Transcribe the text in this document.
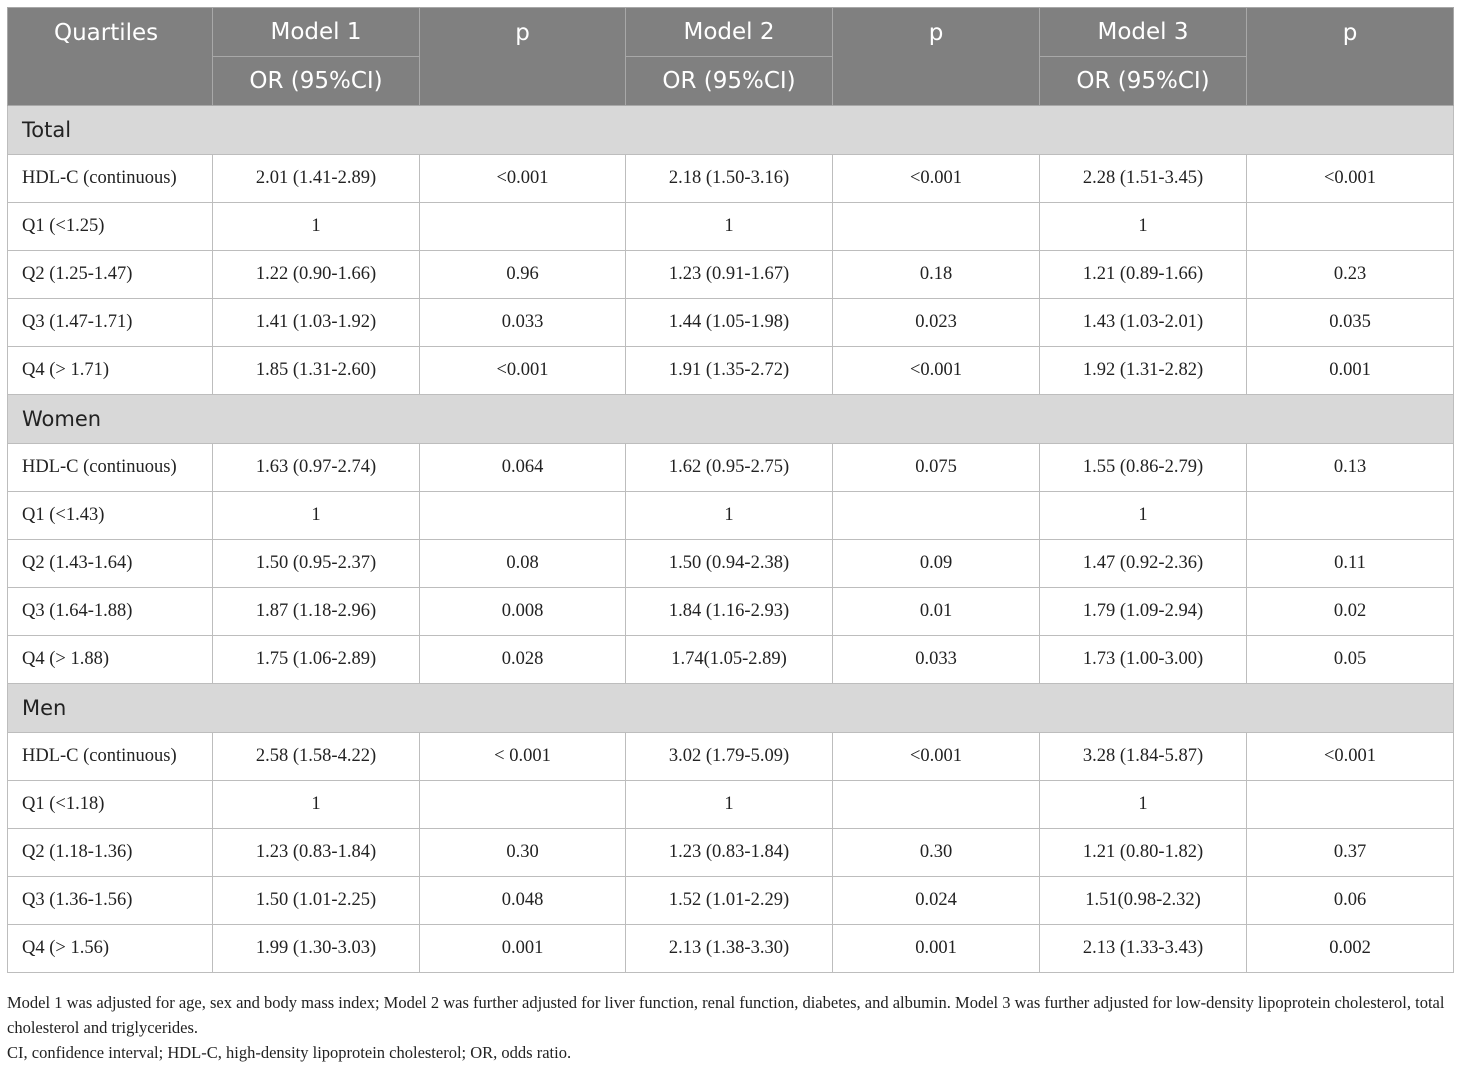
Quartiles	Model 1	p	Model 2	p	Model 3	p
	OR (95%CI)		OR (95%CI)		OR (95%CI)	
Total						
HDL-C (continuous)	2.01 (1.41-2.89)	<0.001	2.18 (1.50-3.16)	<0.001	2.28 (1.51-3.45)	<0.001
Q1 (<1.25)	1		1		1	
Q2 (1.25-1.47)	1.22 (0.90-1.66)	0.96	1.23 (0.91-1.67)	0.18	1.21 (0.89-1.66)	0.23
Q3 (1.47-1.71)	1.41 (1.03-1.92)	0.033	1.44 (1.05-1.98)	0.023	1.43 (1.03-2.01)	0.035
Q4 (> 1.71)	1.85 (1.31-2.60)	<0.001	1.91 (1.35-2.72)	<0.001	1.92 (1.31-2.82)	0.001
Women						
HDL-C (continuous)	1.63 (0.97-2.74)	0.064	1.62 (0.95-2.75)	0.075	1.55 (0.86-2.79)	0.13
Q1 (<1.43)	1		1		1	
Q2 (1.43-1.64)	1.50 (0.95-2.37)	0.08	1.50 (0.94-2.38)	0.09	1.47 (0.92-2.36)	0.11
Q3 (1.64-1.88)	1.87 (1.18-2.96)	0.008	1.84 (1.16-2.93)	0.01	1.79 (1.09-2.94)	0.02
Q4 (> 1.88)	1.75 (1.06-2.89)	0.028	1.74(1.05-2.89)	0.033	1.73 (1.00-3.00)	0.05
Men						
HDL-C (continuous)	2.58 (1.58-4.22)	< 0.001	3.02 (1.79-5.09)	<0.001	3.28 (1.84-5.87)	<0.001
Q1 (<1.18)	1		1		1	
Q2 (1.18-1.36)	1.23 (0.83-1.84)	0.30	1.23 (0.83-1.84)	0.30	1.21 (0.80-1.82)	0.37
Q3 (1.36-1.56)	1.50 (1.01-2.25)	0.048	1.52 (1.01-2.29)	0.024	1.51(0.98-2.32)	0.06
Q4 (> 1.56)	1.99 (1.30-3.03)	0.001	2.13 (1.38-3.30)	0.001	2.13 (1.33-3.43)	0.002

Model 1 was adjusted for age, sex and body mass index; Model 2 was further adjusted for liver function, renal function, diabetes, and albumin. Model 3 was further adjusted for low-density lipoprotein cholesterol, total cholesterol and triglycerides.

CI, confidence interval; HDL-C, high-density lipoprotein cholesterol; OR, odds ratio.
